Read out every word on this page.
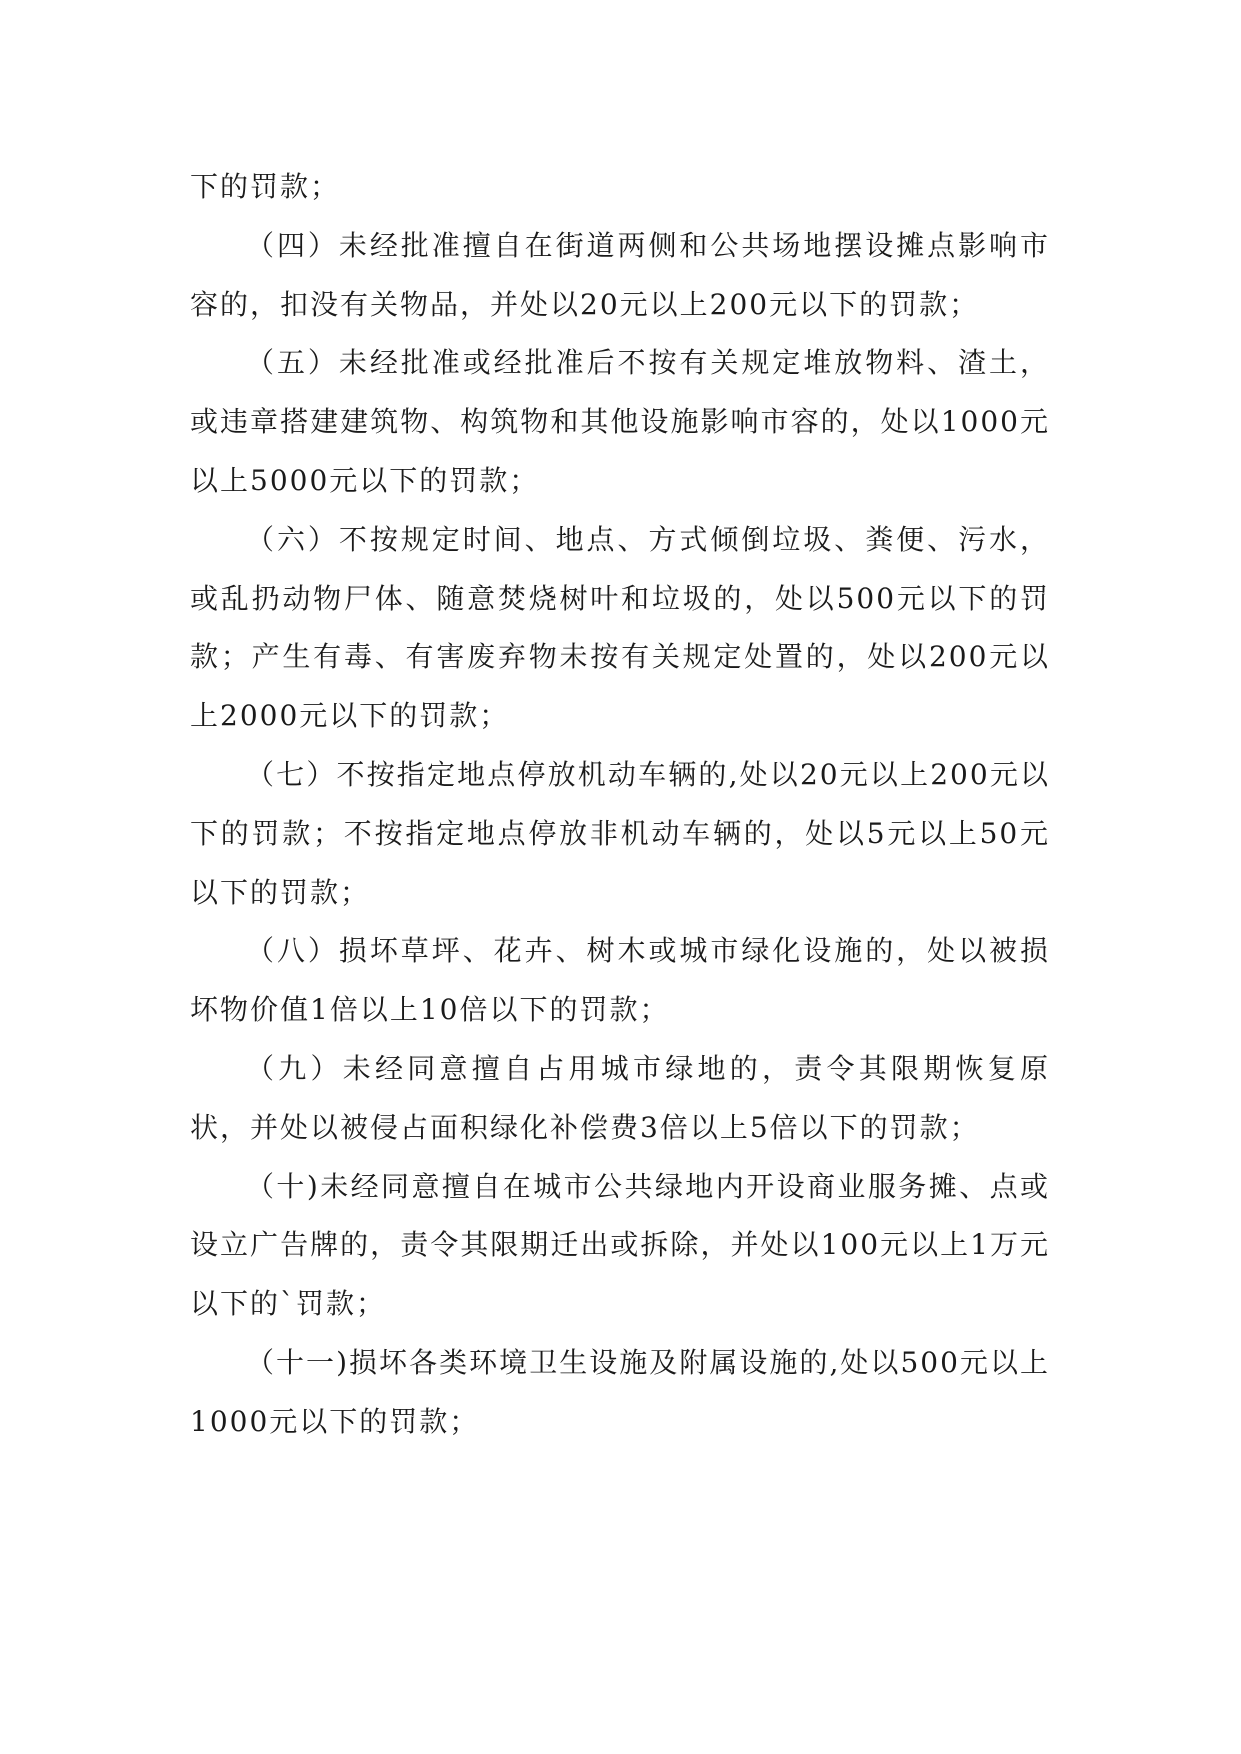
下的罚款；

（四）未经批准擅自在街道两侧和公共场地摆设摊点影响市容的，扣没有关物品，并处以20元以上200元以下的罚款；

（五）未经批准或经批准后不按有关规定堆放物料、渣土，或违章搭建建筑物、构筑物和其他设施影响市容的，处以1000元以上5000元以下的罚款；

（六）不按规定时间、地点、方式倾倒垃圾、粪便、污水，或乱扔动物尸体、随意焚烧树叶和垃圾的，处以500元以下的罚款；产生有毒、有害废弃物未按有关规定处置的，处以200元以上2000元以下的罚款；

（七）不按指定地点停放机动车辆的,处以20元以上200元以下的罚款；不按指定地点停放非机动车辆的，处以5元以上50元以下的罚款；

（八）损坏草坪、花卉、树木或城市绿化设施的，处以被损坏物价值1倍以上10倍以下的罚款；

（九）未经同意擅自占用城市绿地的，责令其限期恢复原状，并处以被侵占面积绿化补偿费3倍以上5倍以下的罚款；

（十)未经同意擅自在城市公共绿地内开设商业服务摊、点或设立广告牌的，责令其限期迁出或拆除，并处以100元以上1万元以下的`罚款；

（十一)损坏各类环境卫生设施及附属设施的,处以500元以上1000元以下的罚款；
